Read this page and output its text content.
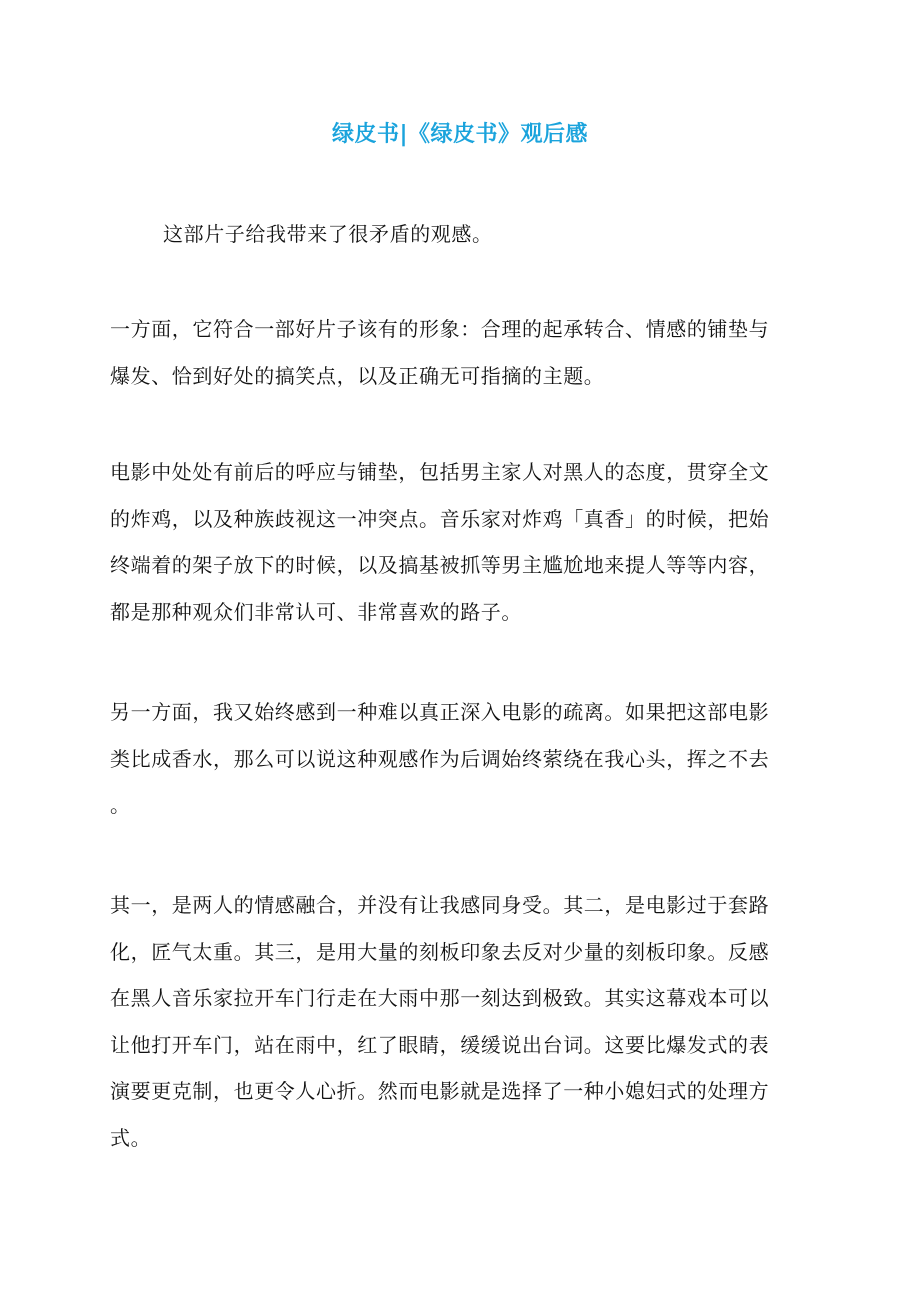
绿皮书|《绿皮书》观后感

这部片子给我带来了很矛盾的观感。

一方面，它符合一部好片子该有的形象：合理的起承转合、情感的铺垫与
爆发、恰到好处的搞笑点，以及正确无可指摘的主题。

电影中处处有前后的呼应与铺垫，包括男主家人对黑人的态度，贯穿全文
的炸鸡，以及种族歧视这一冲突点。音乐家对炸鸡「真香」的时候，把始
终端着的架子放下的时候，以及搞基被抓等男主尴尬地来提人等等内容，
都是那种观众们非常认可、非常喜欢的路子。

另一方面，我又始终感到一种难以真正深入电影的疏离。如果把这部电影
类比成香水，那么可以说这种观感作为后调始终萦绕在我心头，挥之不去
。

其一，是两人的情感融合，并没有让我感同身受。其二，是电影过于套路
化，匠气太重。其三，是用大量的刻板印象去反对少量的刻板印象。反感
在黑人音乐家拉开车门行走在大雨中那一刻达到极致。其实这幕戏本可以
让他打开车门，站在雨中，红了眼睛，缓缓说出台词。这要比爆发式的表
演要更克制，也更令人心折。然而电影就是选择了一种小媳妇式的处理方
式。
